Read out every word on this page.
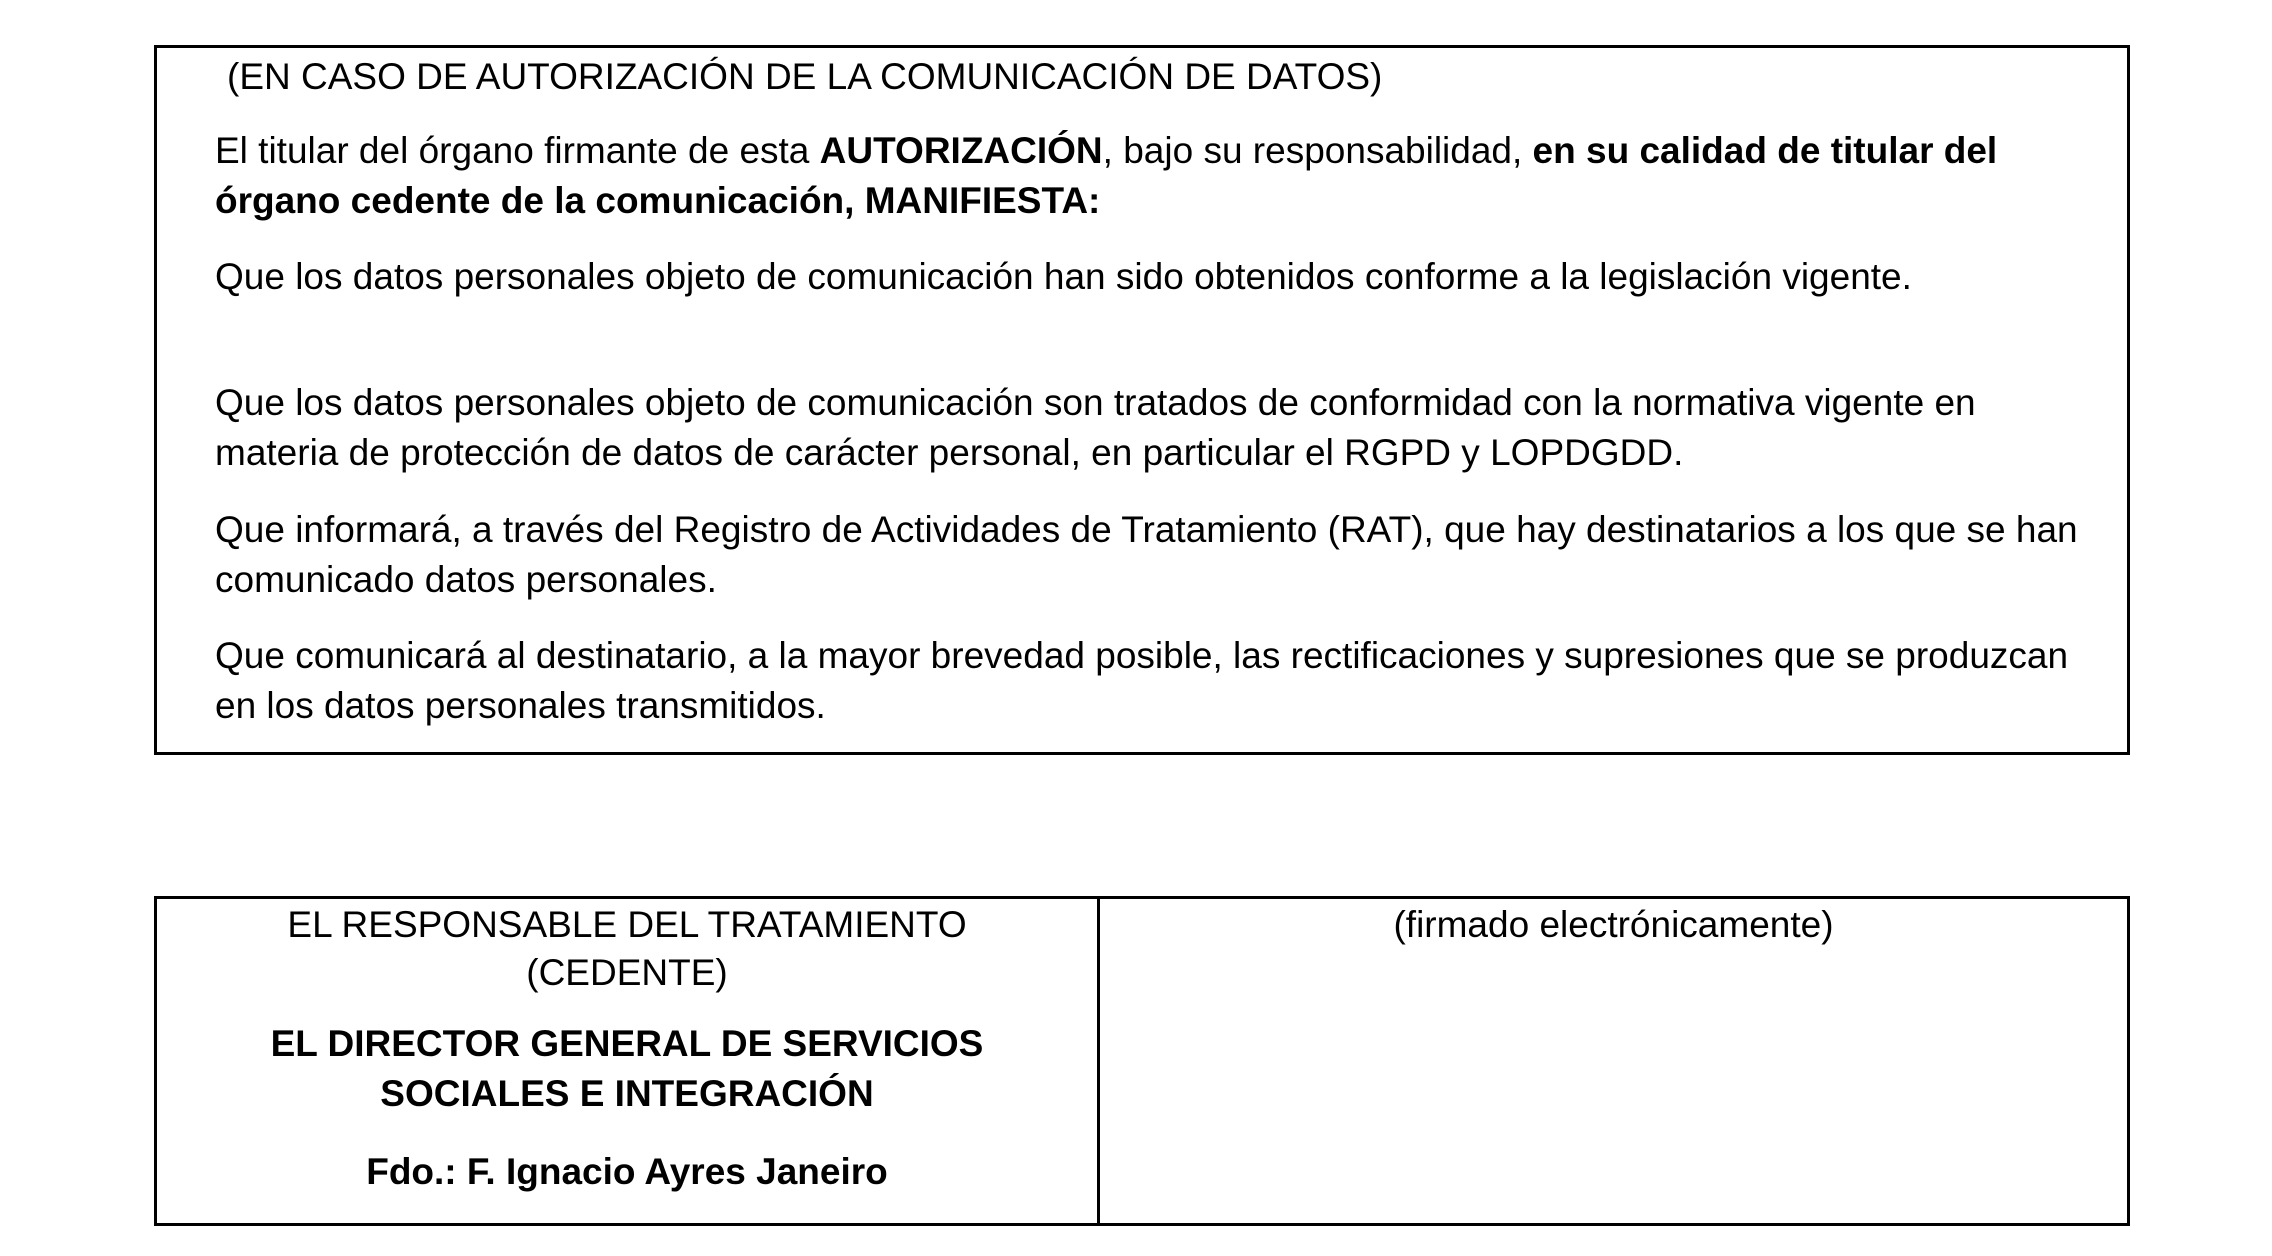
(EN CASO DE AUTORIZACIÓN DE LA COMUNICACIÓN DE DATOS)

El titular del órgano firmante de esta AUTORIZACIÓN, bajo su responsabilidad, en su calidad de titular del órgano cedente de la comunicación, MANIFIESTA:

Que los datos personales objeto de comunicación han sido obtenidos conforme a la legislación vigente.

Que los datos personales objeto de comunicación son tratados de conformidad con la normativa vigente en materia de protección de datos de carácter personal, en particular el RGPD y LOPDGDD.

Que informará, a través del Registro de Actividades de Tratamiento (RAT), que hay destinatarios a los que se han comunicado datos personales.

Que comunicará al destinatario, a la mayor brevedad posible, las rectificaciones y supresiones que se produzcan en los datos personales transmitidos.

EL RESPONSABLE DEL TRATAMIENTO
(CEDENTE)
EL DIRECTOR GENERAL DE SERVICIOS
SOCIALES E INTEGRACIÓN
Fdo.: F. Ignacio Ayres Janeiro
(firmado electrónicamente)
